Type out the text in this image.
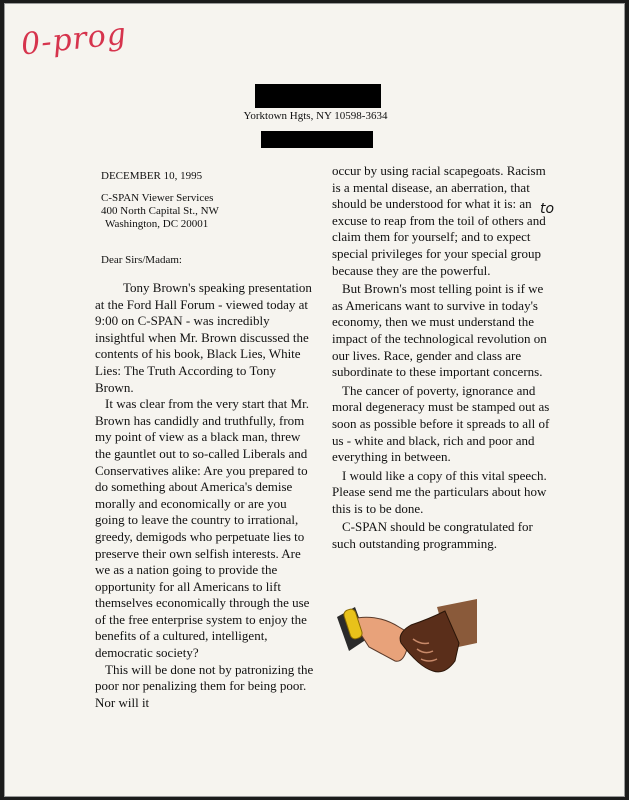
0-prog
Yorktown Hgts, NY 10598-3634
DECEMBER 10, 1995
C-SPAN Viewer Services
400 North Capital St., NW
Washington, DC 20001
Dear Sirs/Madam:

Tony Brown's speaking presentation at the Ford Hall Forum - viewed today at 9:00 on C-SPAN - was incredibly insightful when Mr. Brown discussed the contents of his book, Black Lies, White Lies: The Truth According to Tony Brown.

It was clear from the very start that Mr. Brown has candidly and truthfully, from my point of view as a black man, threw the gauntlet out to so-called Liberals and Conservatives alike: Are you prepared to do something about America's demise morally and economically or are you going to leave the country to irrational, greedy, demigods who perpetuate lies to preserve their own selfish interests. Are we as a nation going to provide the opportunity for all Americans to lift themselves economically through the use of the free enterprise system to enjoy the benefits of a cultured, intelligent, democratic society?

This will be done not by patronizing the poor nor penalizing them for being poor. Nor will it

occur by using racial scapegoats. Racism is a mental disease, an aberration, that should be understood for what it is: an excuse to reap from the toil of others and claim them for yourself; and to expect special privileges for your special group because they are the powerful.

But Brown's most telling point is if we as Americans want to survive in today's economy, then we must understand the impact of the technological revolution on our lives. Race, gender and class are subordinate to these important concerns.

The cancer of poverty, ignorance and moral degeneracy must be stamped out as soon as possible before it spreads to all of us - white and black, rich and poor and everything in between.

I would like a copy of this vital speech. Please send me the particulars about how this is to be done.

C-SPAN should be congratulated for such outstanding programming.

to
